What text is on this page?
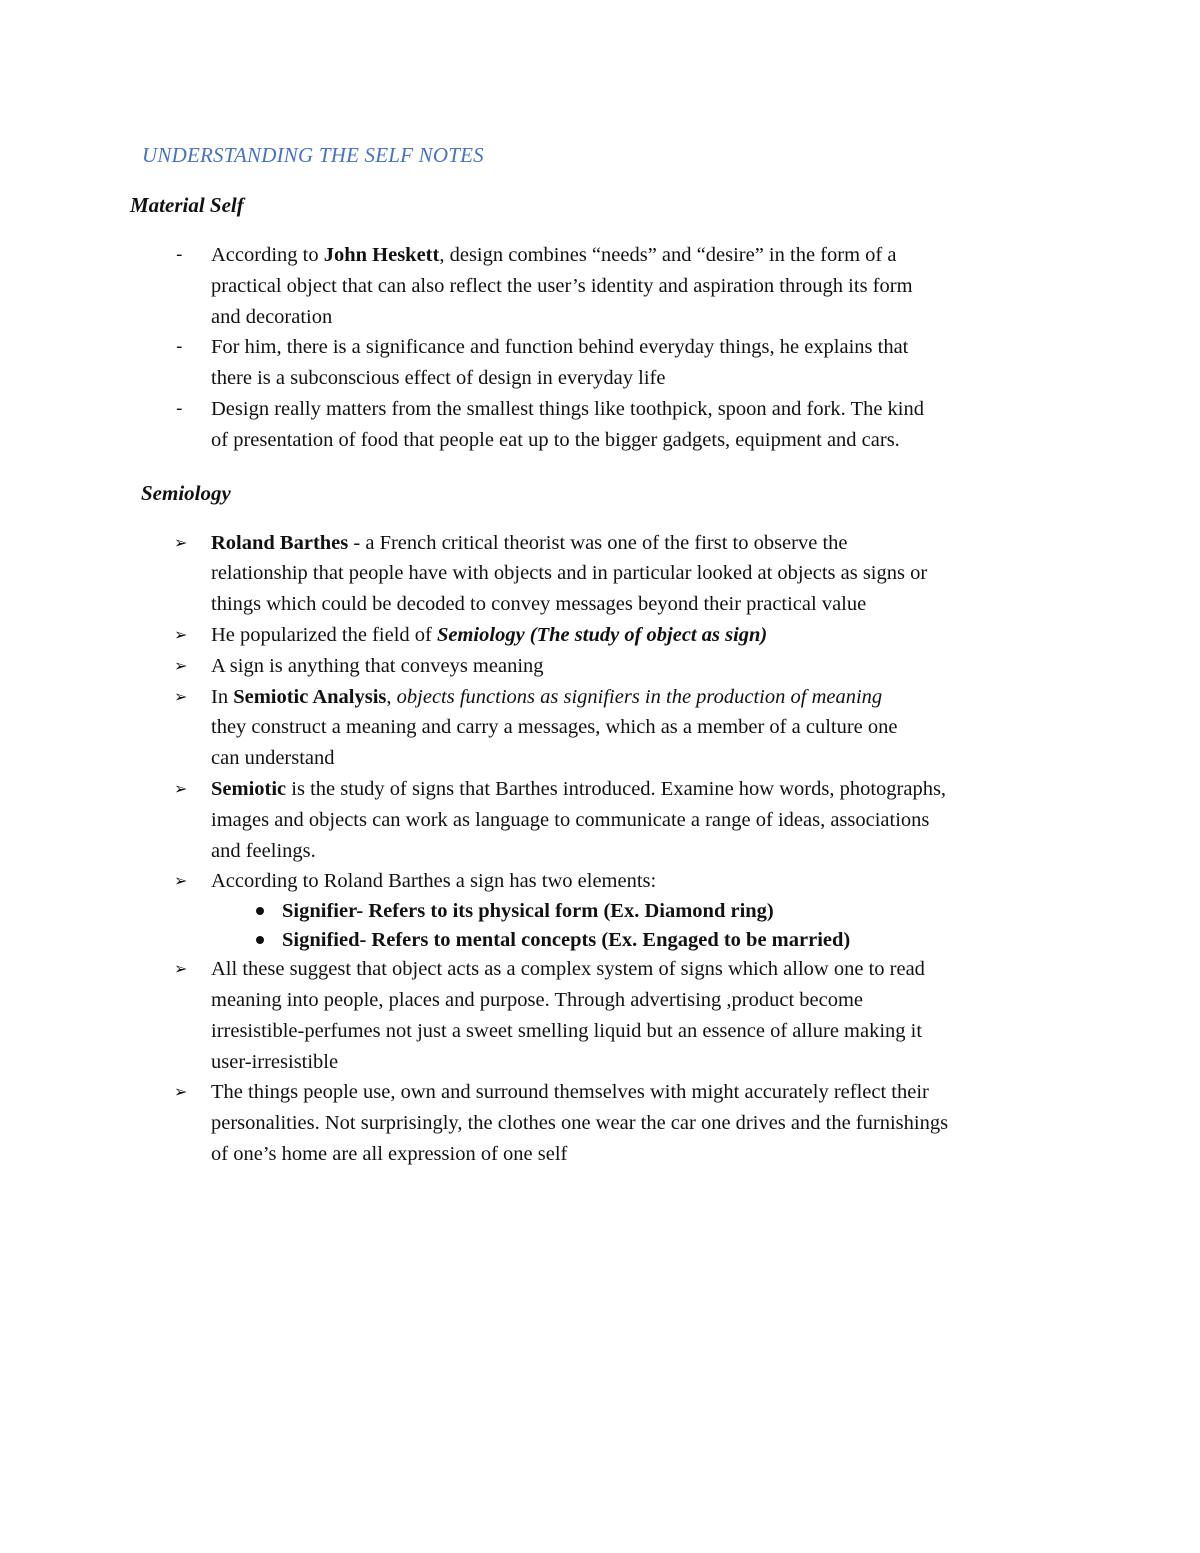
UNDERSTANDING THE SELF NOTES
Material Self
- According to John Heskett, design combines “needs” and “desire” in the form of a
practical object that can also reflect the user’s identity and aspiration through its form
and decoration
- For him, there is a significance and function behind everyday things, he explains that
there is a subconscious effect of design in everyday life
- Design really matters from the smallest things like toothpick, spoon and fork. The kind
of presentation of food that people eat up to the bigger gadgets, equipment and cars.
Semiology
➢ Roland Barthes - a French critical theorist was one of the first to observe the
relationship that people have with objects and in particular looked at objects as signs or
things which could be decoded to convey messages beyond their practical value
➢ He popularized the field of Semiology (The study of object as sign)
➢ A sign is anything that conveys meaning
➢ In Semiotic Analysis, objects functions as signifiers in the production of meaning
they construct a meaning and carry a messages, which as a member of a culture one
can understand
➢ Semiotic is the study of signs that Barthes introduced. Examine how words, photographs,
images and objects can work as language to communicate a range of ideas, associations
and feelings.
➢ According to Roland Barthes a sign has two elements:
Signifier- Refers to its physical form (Ex. Diamond ring)
Signified- Refers to mental concepts (Ex. Engaged to be married)
➢ All these suggest that object acts as a complex system of signs which allow one to read
meaning into people, places and purpose. Through advertising ,product become
irresistible-perfumes not just a sweet smelling liquid but an essence of allure making it
user-irresistible
➢ The things people use, own and surround themselves with might accurately reflect their
personalities. Not surprisingly, the clothes one wear the car one drives and the furnishings
of one’s home are all expression of one self
